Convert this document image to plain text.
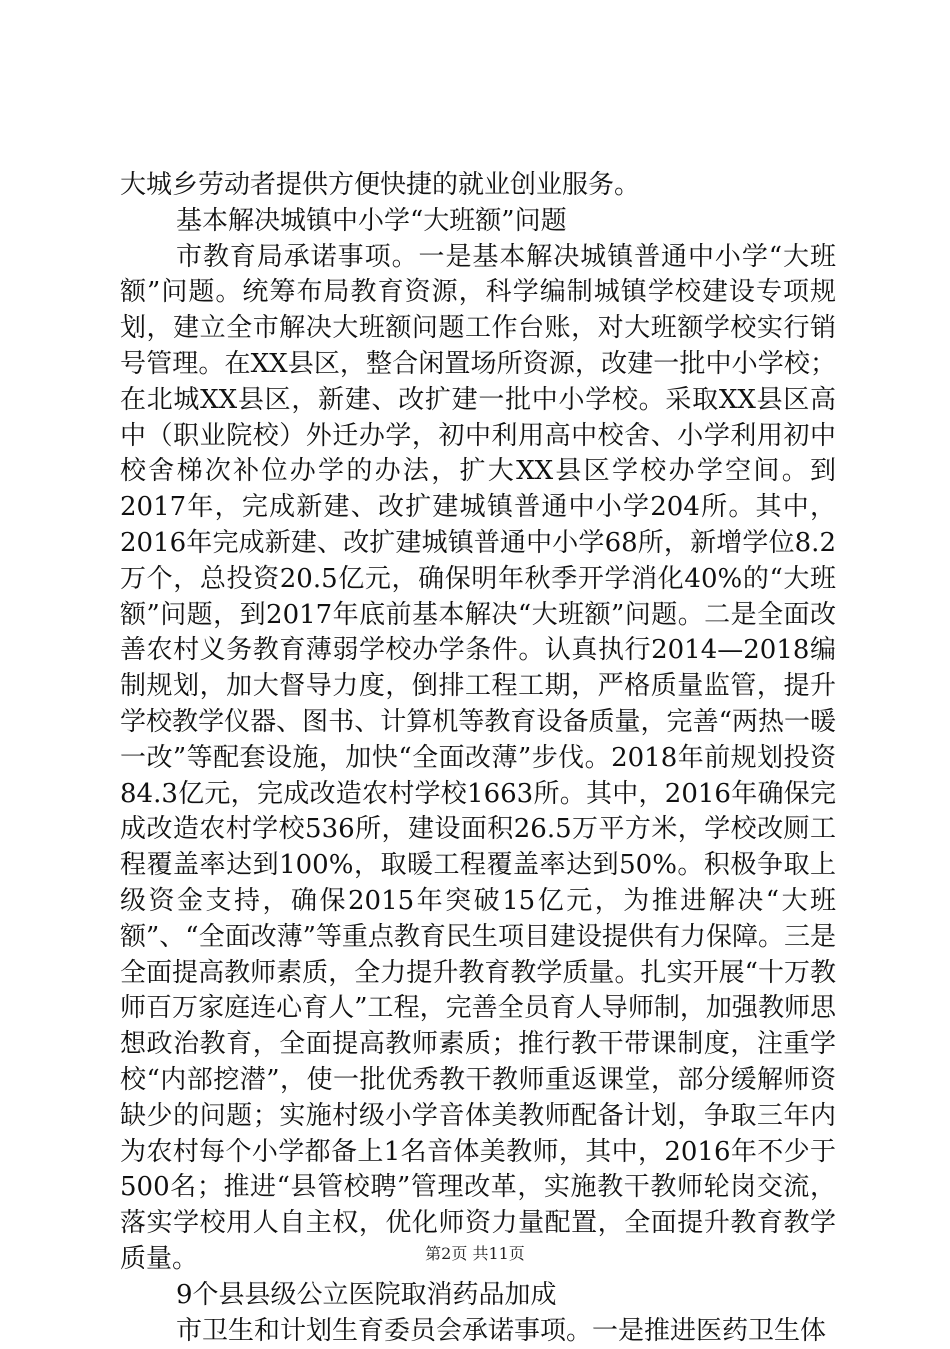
大城乡劳动者提供方便快捷的就业创业服务。

基本解决城镇中小学“大班额”问题

市教育局承诺事项。一是基本解决城镇普通中小学“大班额”问题。统筹布局教育资源，科学编制城镇学校建设专项规划，建立全市解决大班额问题工作台账，对大班额学校实行销号管理。在XX县区，整合闲置场所资源，改建一批中小学校；在北城XX县区，新建、改扩建一批中小学校。采取XX县区高中（职业院校）外迁办学，初中利用高中校舍、小学利用初中校舍梯次补位办学的办法，扩大XX县区学校办学空间。到2017年，完成新建、改扩建城镇普通中小学204所。其中，2016年完成新建、改扩建城镇普通中小学68所，新增学位8.2万个，总投资20.5亿元，确保明年秋季开学消化40%的“大班额”问题，到2017年底前基本解决“大班额”问题。二是全面改善农村义务教育薄弱学校办学条件。认真执行2014—2018编制规划，加大督导力度，倒排工程工期，严格质量监管，提升学校教学仪器、图书、计算机等教育设备质量，完善“两热一暖一改”等配套设施，加快“全面改薄”步伐。2018年前规划投资84.3亿元，完成改造农村学校1663所。其中，2016年确保完成改造农村学校536所，建设面积26.5万平方米，学校改厕工程覆盖率达到100%，取暖工程覆盖率达到50%。积极争取上级资金支持，确保2015年突破15亿元，为推进解决“大班额”、“全面改薄”等重点教育民生项目建设提供有力保障。三是全面提高教师素质，全力提升教育教学质量。扎实开展“十万教师百万家庭连心育人”工程，完善全员育人导师制，加强教师思想政治教育，全面提高教师素质；推行教干带课制度，注重学校“内部挖潜”，使一批优秀教干教师重返课堂，部分缓解师资缺少的问题；实施村级小学音体美教师配备计划，争取三年内为农村每个小学都备上1名音体美教师，其中，2016年不少于500名；推进“县管校聘”管理改革，实施教干教师轮岗交流，落实学校用人自主权，优化师资力量配置，全面提升教育教学质量。

9个县县级公立医院取消药品加成

市卫生和计划生育委员会承诺事项。一是推进医药卫生体

第2页 共11页
